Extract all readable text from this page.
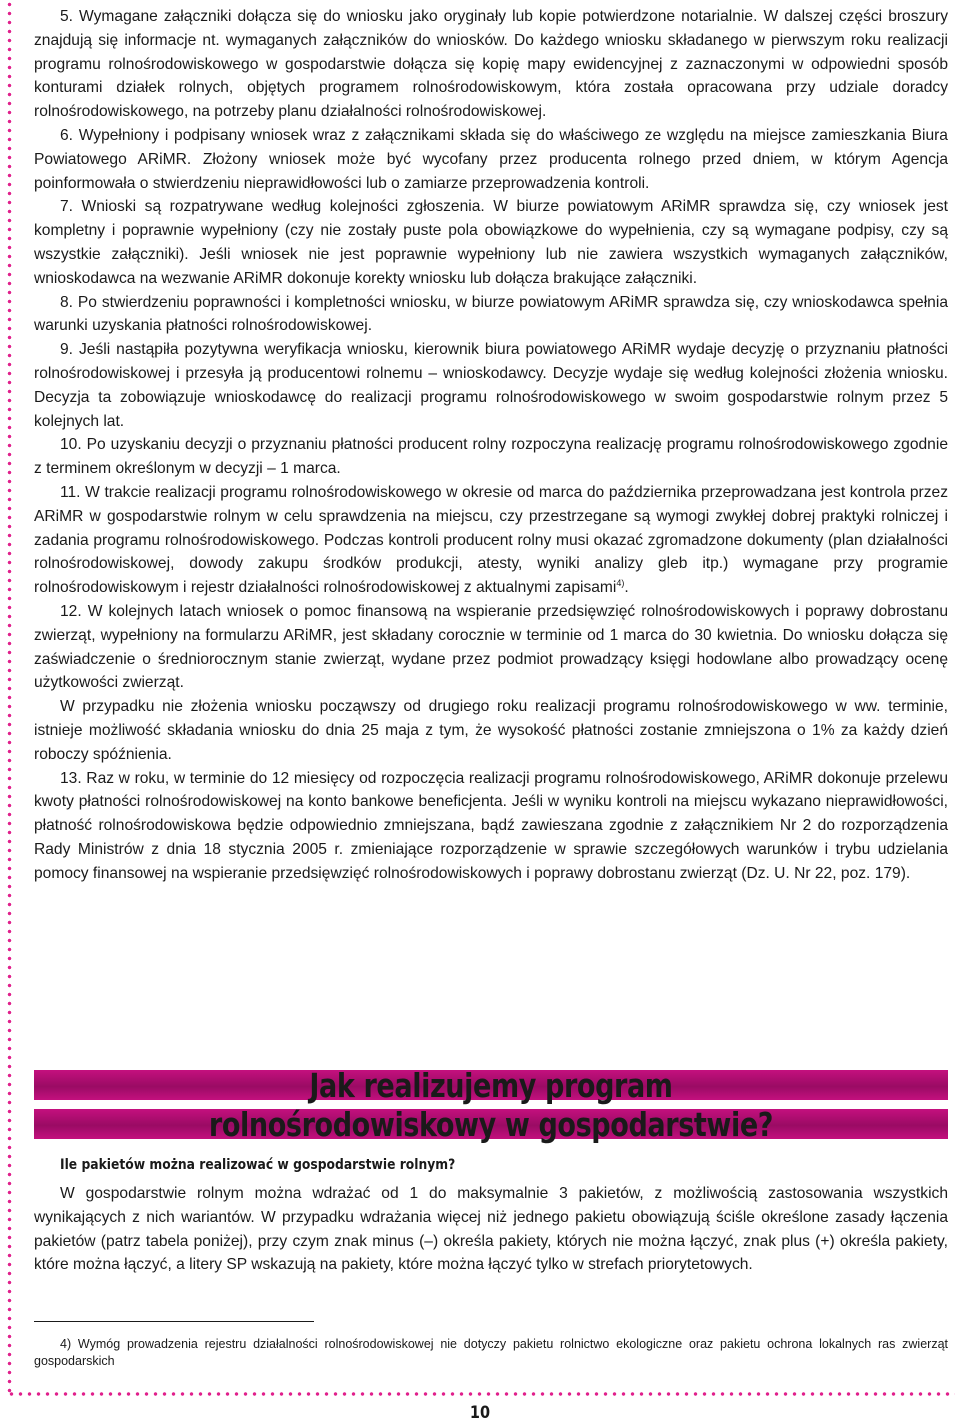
5. Wymagane załączniki dołącza się do wniosku jako oryginały lub kopie potwierdzone notarialnie. W dalszej części broszury znajdują się informacje nt. wymaganych załączników do wniosków. Do każdego wniosku składanego w pierwszym roku realizacji programu rolnośrodowiskowego w gospodarstwie dołącza się kopię mapy ewidencyjnej z zaznaczonymi w odpowiedni sposób konturami działek rolnych, objętych programem rolnośrodowiskowym, która została opracowana przy udziale doradcy rolnośrodowiskowego, na potrzeby planu działalności rolnośrodowiskowej.

6. Wypełniony i podpisany wniosek wraz z załącznikami składa się do właściwego ze względu na miejsce zamieszkania Biura Powiatowego ARiMR. Złożony wniosek może być wycofany przez producenta rolnego przed dniem, w którym Agencja poinformowała o stwierdzeniu nieprawidłowości lub o zamiarze przeprowadzenia kontroli.

7. Wnioski są rozpatrywane według kolejności zgłoszenia. W biurze powiatowym ARiMR sprawdza się, czy wniosek jest kompletny i poprawnie wypełniony (czy nie zostały puste pola obowiązkowe do wypełnienia, czy są wymagane podpisy, czy są wszystkie załączniki). Jeśli wniosek nie jest poprawnie wypełniony lub nie zawiera wszystkich wymaganych załączników, wnioskodawca na wezwanie ARiMR dokonuje korekty wniosku lub dołącza brakujące załączniki.

8. Po stwierdzeniu poprawności i kompletności wniosku, w biurze powiatowym ARiMR sprawdza się, czy wnioskodawca spełnia warunki uzyskania płatności rolnośrodowiskowej.

9. Jeśli nastąpiła pozytywna weryfikacja wniosku, kierownik biura powiatowego ARiMR wydaje decyzję o przyznaniu płatności rolnośrodowiskowej i przesyła ją producentowi rolnemu – wnioskodawcy. Decyzje wydaje się według kolejności złożenia wniosku. Decyzja ta zobowiązuje wnioskodawcę do realizacji programu rolnośrodowiskowego w swoim gospodarstwie rolnym przez 5 kolejnych lat.

10. Po uzyskaniu decyzji o przyznaniu płatności producent rolny rozpoczyna realizację programu rolnośrodowiskowego zgodnie z terminem określonym w decyzji – 1 marca.

11. W trakcie realizacji programu rolnośrodowiskowego w okresie od marca do października przeprowadzana jest kontrola przez ARiMR w gospodarstwie rolnym w celu sprawdzenia na miejscu, czy przestrzegane są wymogi zwykłej dobrej praktyki rolniczej i zadania programu rolnośrodowiskowego. Podczas kontroli producent rolny musi okazać zgromadzone dokumenty (plan działalności rolnośrodowiskowej, dowody zakupu środków produkcji, atesty, wyniki analizy gleb itp.) wymagane przy programie rolnośrodowiskowym i rejestr działalności rolnośrodowiskowej z aktualnymi zapisami$^{4)}$.

12. W kolejnych latach wniosek o pomoc finansową na wspieranie przedsięwzięć rolnośrodowiskowych i poprawy dobrostanu zwierząt, wypełniony na formularzu ARiMR, jest składany corocznie w terminie od 1 marca do 30 kwietnia. Do wniosku dołącza się zaświadczenie o średniorocznym stanie zwierząt, wydane przez podmiot prowadzący księgi hodowlane albo prowadzący ocenę użytkowości zwierząt.

W przypadku nie złożenia wniosku począwszy od drugiego roku realizacji programu rolnośrodowiskowego w ww. terminie, istnieje możliwość składania wniosku do dnia 25 maja z tym, że wysokość płatności zostanie zmniejszona o 1% za każdy dzień roboczy spóźnienia.

13. Raz w roku, w terminie do 12 miesięcy od rozpoczęcia realizacji programu rolnośrodowiskowego, ARiMR dokonuje przelewu kwoty płatności rolnośrodowiskowej na konto bankowe beneficjenta. Jeśli w wyniku kontroli na miejscu wykazano nieprawidłowości, płatność rolnośrodowiskowa będzie odpowiednio zmniejszana, bądź zawieszana zgodnie z załącznikiem Nr 2 do rozporządzenia Rady Ministrów z dnia 18 stycznia 2005 r. zmieniające rozporządzenie w sprawie szczegółowych warunków i trybu udzielania pomocy finansowej na wspieranie przedsięwzięć rolnośrodowiskowych i poprawy dobrostanu zwierząt (Dz. U. Nr 22, poz. 179).

Jak realizujemy program
rolnośrodowiskowy w gospodarstwie?
Ile pakietów można realizować w gospodarstwie rolnym?

W gospodarstwie rolnym można wdrażać od 1 do maksymalnie 3 pakietów, z możliwością zastosowania wszystkich wynikających z nich wariantów. W przypadku wdrażania więcej niż jednego pakietu obowiązują ściśle określone zasady łączenia pakietów (patrz tabela poniżej), przy czym znak minus (–) określa pakiety, których nie można łączyć, znak plus (+) określa pakiety, które można łączyć, a litery SP wskazują na pakiety, które można łączyć tylko w strefach priorytetowych.

4) Wymóg prowadzenia rejestru działalności rolnośrodowiskowej nie dotyczy pakietu rolnictwo ekologiczne oraz pakietu ochrona lokalnych ras zwierząt gospodarskich

10
